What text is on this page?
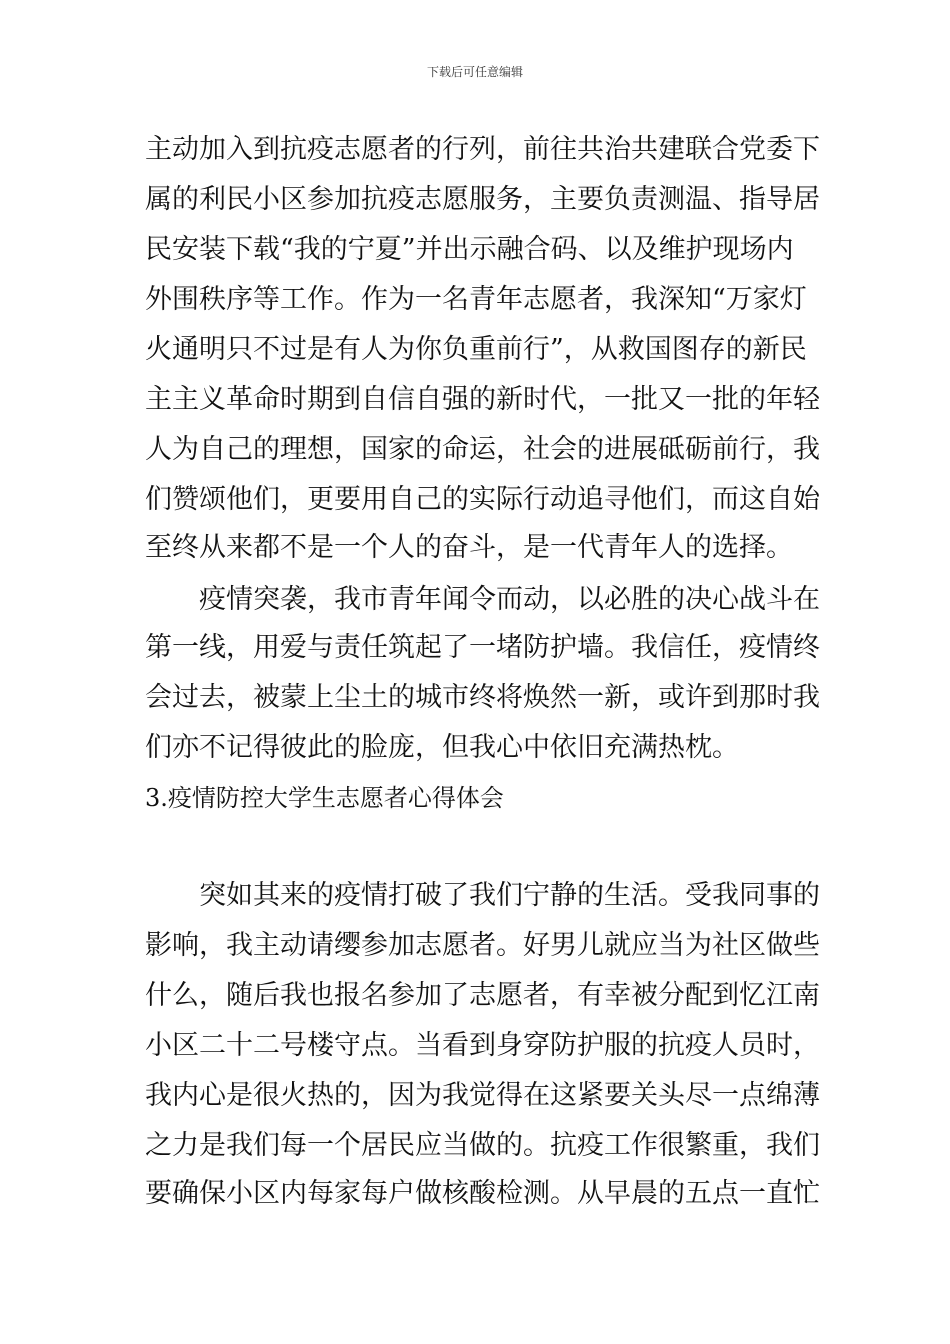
下载后可任意编辑
主动加入到抗疫志愿者的行列，前往共治共建联合党委下
属的利民小区参加抗疫志愿服务，主要负责测温、指导居
民安装下载“我的宁夏”并出示融合码、以及维护现场内
外围秩序等工作。作为一名青年志愿者，我深知“万家灯
火通明只不过是有人为你负重前行”，从救国图存的新民
主主义革命时期到自信自强的新时代，一批又一批的年轻
人为自己的理想，国家的命运，社会的进展砥砺前行，我
们赞颂他们，更要用自己的实际行动追寻他们，而这自始
至终从来都不是一个人的奋斗，是一代青年人的选择。
疫情突袭，我市青年闻令而动，以必胜的决心战斗在
第一线，用爱与责任筑起了一堵防护墙。我信任，疫情终
会过去，被蒙上尘土的城市终将焕然一新，或许到那时我
们亦不记得彼此的脸庞，但我心中依旧充满热枕。
3.疫情防控大学生志愿者心得体会
突如其来的疫情打破了我们宁静的生活。受我同事的
影响，我主动请缨参加志愿者。好男儿就应当为社区做些
什么，随后我也报名参加了志愿者，有幸被分配到忆江南
小区二十二号楼守点。当看到身穿防护服的抗疫人员时，
我内心是很火热的，因为我觉得在这紧要关头尽一点绵薄
之力是我们每一个居民应当做的。抗疫工作很繁重，我们
要确保小区内每家每户做核酸检测。从早晨的五点一直忙
